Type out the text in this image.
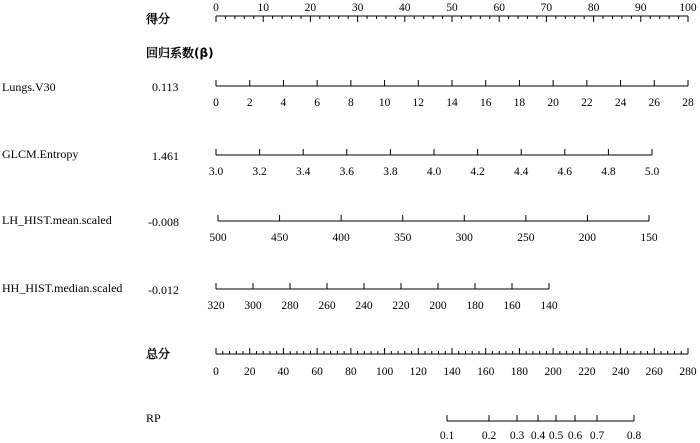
得分
回归系数(β)
Lungs.V30	0.113
GLCM.Entropy	1.461
LH_HIST.mean.scaled	-0.008
HH_HIST.median.scaled -0.012
总分
RP
0	10	20	30	40	50	60	70	80	90	100
0 2 4 6 8 10 12 14 16 18 20 22 24 26 28
3.0	3.2	3.4	3.6	3.8	4.0	4.2	4.4	4.6	4.8	5.0
500	450	400	350	300	250	200	150
320 300 280 260 240 220 200 180 160 140
0 20 40 60 80 100 120 140 160 180 200 220 240 260 280
0.1 0.2 0.3 0.4 0.5 0.6 0.7 0.8
